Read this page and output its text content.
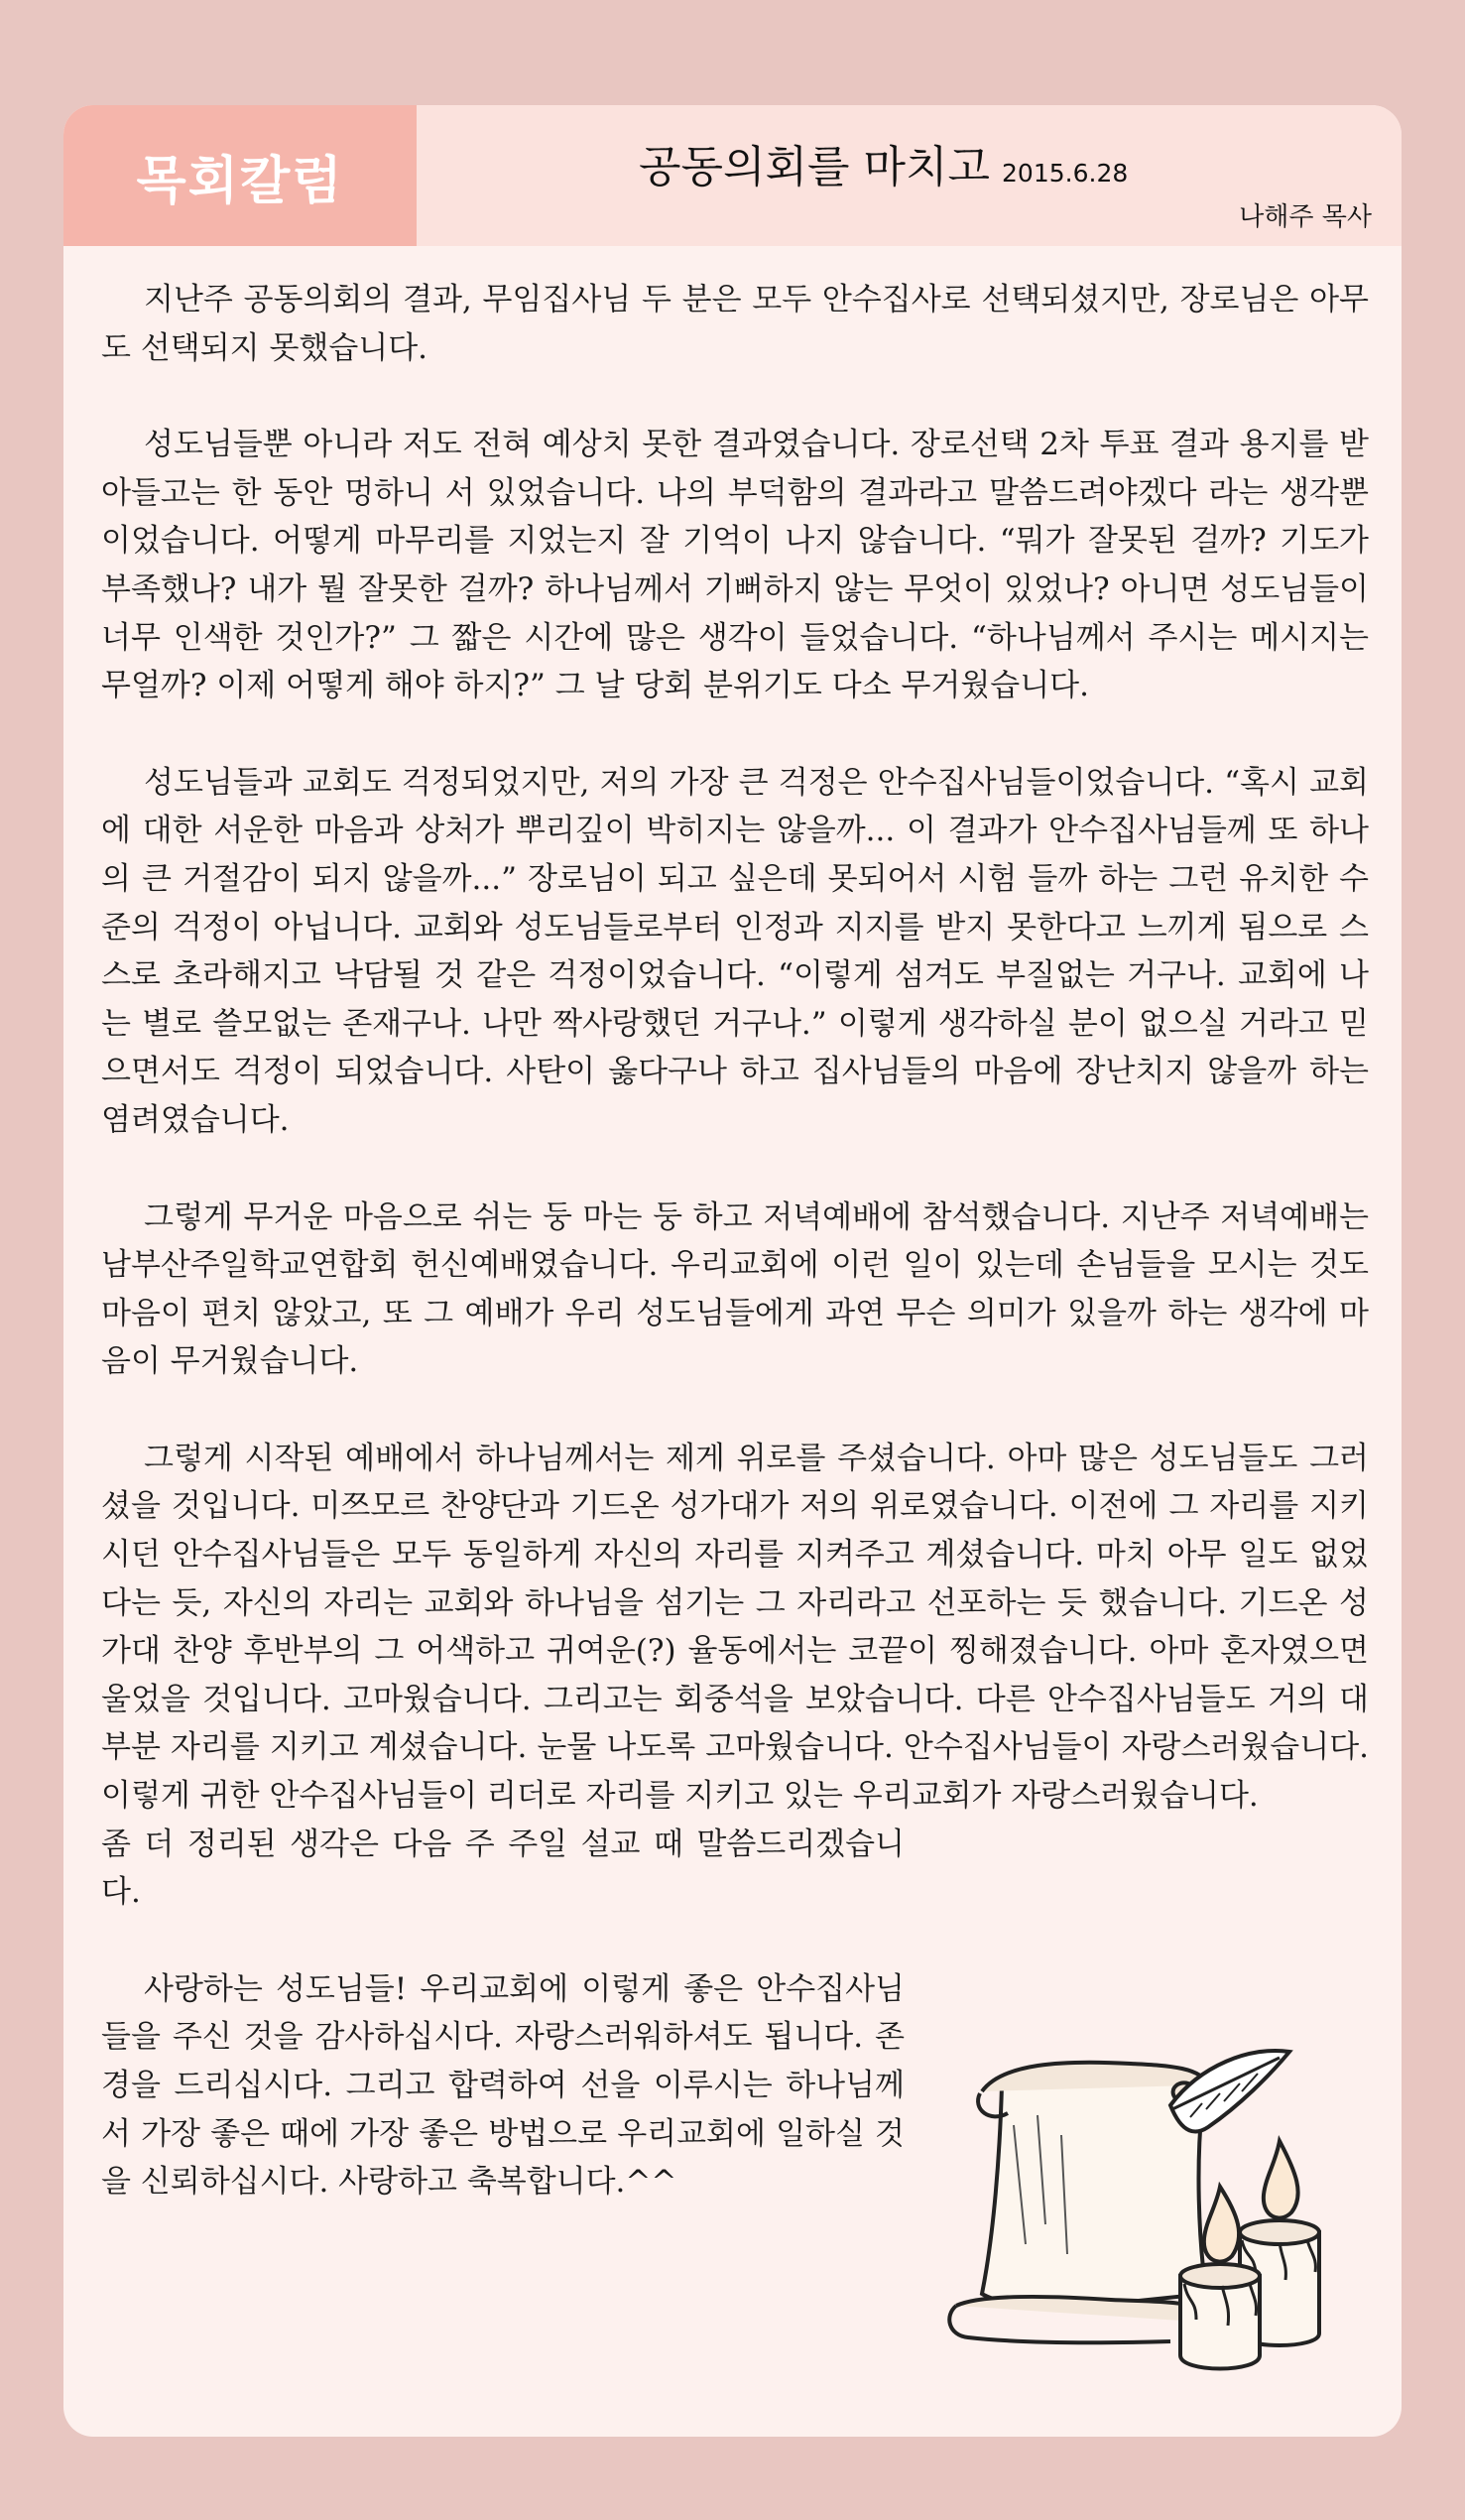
목회칼럼	공동의회를 마치고 2015.6.28
나해주 목사

지난주 공동의회의 결과, 무임집사님 두 분은 모두 안수집사로 선택되셨지만, 장로님은 아무도 선택되지 못했습니다.

성도님들뿐 아니라 저도 전혀 예상치 못한 결과였습니다. 장로선택 2차 투표 결과 용지를 받아들고는 한 동안 멍하니 서 있었습니다. 나의 부덕함의 결과라고 말씀드려야겠다 라는 생각뿐이었습니다. 어떻게 마무리를 지었는지 잘 기억이 나지 않습니다. “뭐가 잘못된 걸까? 기도가 부족했나? 내가 뭘 잘못한 걸까? 하나님께서 기뻐하지 않는 무엇이 있었나? 아니면 성도님들이 너무 인색한 것인가?” 그 짧은 시간에 많은 생각이 들었습니다. “하나님께서 주시는 메시지는 무얼까? 이제 어떻게 해야 하지?” 그 날 당회 분위기도 다소 무거웠습니다.

성도님들과 교회도 걱정되었지만, 저의 가장 큰 걱정은 안수집사님들이었습니다. “혹시 교회에 대한 서운한 마음과 상처가 뿌리깊이 박히지는 않을까... 이 결과가 안수집사님들께 또 하나의 큰 거절감이 되지 않을까...” 장로님이 되고 싶은데 못되어서 시험 들까 하는 그런 유치한 수준의 걱정이 아닙니다. 교회와 성도님들로부터 인정과 지지를 받지 못한다고 느끼게 됨으로 스스로 초라해지고 낙담될 것 같은 걱정이었습니다. “이렇게 섬겨도 부질없는 거구나. 교회에 나는 별로 쓸모없는 존재구나. 나만 짝사랑했던 거구나.” 이렇게 생각하실 분이 없으실 거라고 믿으면서도 걱정이 되었습니다. 사탄이 옳다구나 하고 집사님들의 마음에 장난치지 않을까 하는 염려였습니다.

그렇게 무거운 마음으로 쉬는 둥 마는 둥 하고 저녁예배에 참석했습니다. 지난주 저녁예배는 남부산주일학교연합회 헌신예배였습니다. 우리교회에 이런 일이 있는데 손님들을 모시는 것도 마음이 편치 않았고, 또 그 예배가 우리 성도님들에게 과연 무슨 의미가 있을까 하는 생각에 마음이 무거웠습니다.

그렇게 시작된 예배에서 하나님께서는 제게 위로를 주셨습니다. 아마 많은 성도님들도 그러셨을 것입니다. 미쯔모르 찬양단과 기드온 성가대가 저의 위로였습니다. 이전에 그 자리를 지키시던 안수집사님들은 모두 동일하게 자신의 자리를 지켜주고 계셨습니다. 마치 아무 일도 없었다는 듯, 자신의 자리는 교회와 하나님을 섬기는 그 자리라고 선포하는 듯 했습니다. 기드온 성가대 찬양 후반부의 그 어색하고 귀여운(?) 율동에서는 코끝이 찡해졌습니다. 아마 혼자였으면 울었을 것입니다. 고마웠습니다. 그리고는 회중석을 보았습니다. 다른 안수집사님들도 거의 대부분 자리를 지키고 계셨습니다. 눈물 나도록 고마웠습니다. 안수집사님들이 자랑스러웠습니다. 이렇게 귀한 안수집사님들이 리더로 자리를 지키고 있는 우리교회가 자랑스러웠습니다.

좀 더 정리된 생각은 다음 주 주일 설교 때 말씀드리겠습니다.

사랑하는 성도님들! 우리교회에 이렇게 좋은 안수집사님들을 주신 것을 감사하십시다. 자랑스러워하셔도 됩니다. 존경을 드리십시다. 그리고 합력하여 선을 이루시는 하나님께서 가장 좋은 때에 가장 좋은 방법으로 우리교회에 일하실 것을 신뢰하십시다. 사랑하고 축복합니다.^^
